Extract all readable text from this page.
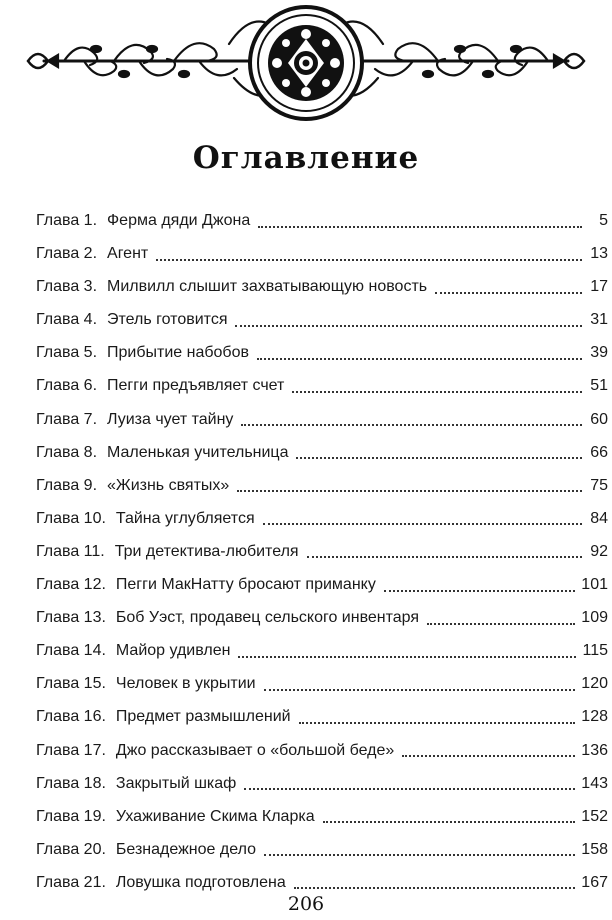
Оглавление
Глава 1. Ферма дяди Джона	5
Глава 2. Агент	13
Глава 3. Милвилл слышит захватывающую новость	17
Глава 4. Этель готовится	31
Глава 5. Прибытие набобов	39
Глава 6. Пегги предъявляет счет	51
Глава 7. Луиза чует тайну	60
Глава 8. Маленькая учительница	66
Глава 9. «Жизнь святых»	75
Глава 10. Тайна углубляется	84
Глава 11. Три детектива-любителя	92
Глава 12. Пегги МакНатту бросают приманку	101
Глава 13. Боб Уэст, продавец сельского инвентаря	109
Глава 14. Майор удивлен	115
Глава 15. Человек в укрытии	120
Глава 16. Предмет размышлений	128
Глава 17. Джо рассказывает о «большой беде»	136
Глава 18. Закрытый шкаф	143
Глава 19. Ухаживание Скима Кларка	152
Глава 20. Безнадежное дело	158
Глава 21. Ловушка подготовлена	167
206
